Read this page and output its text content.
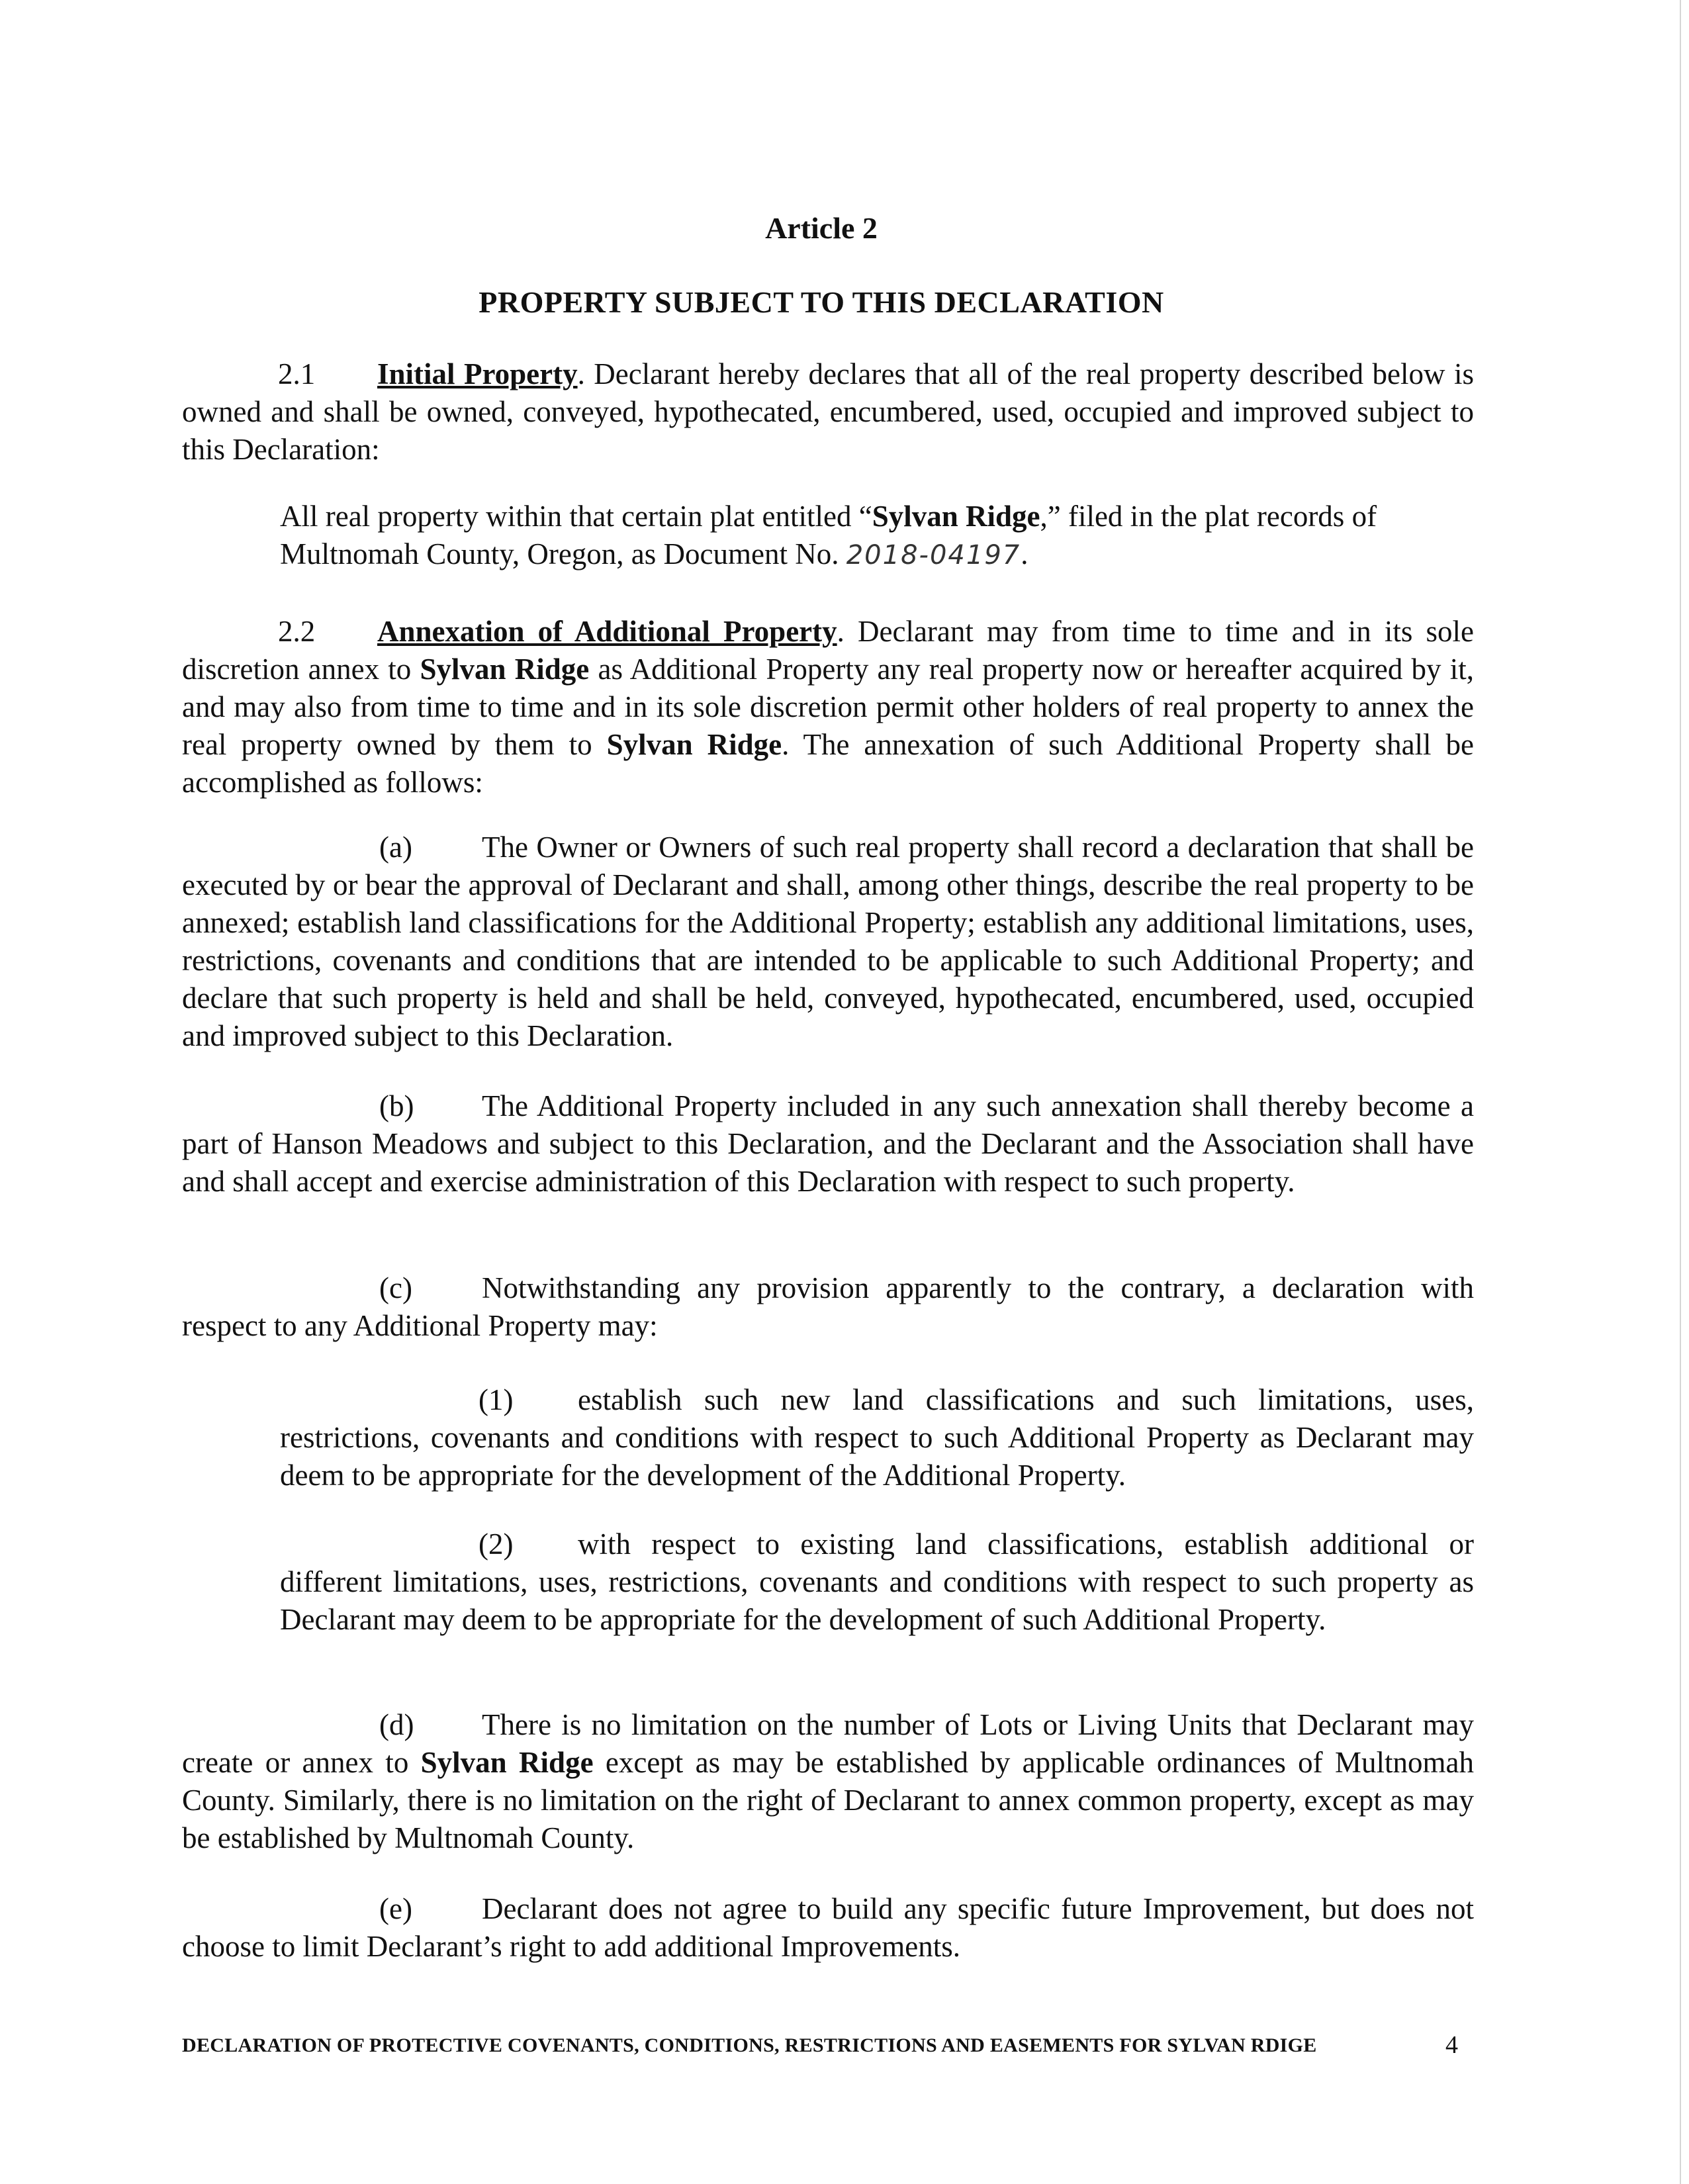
Article 2
PROPERTY SUBJECT TO THIS DECLARATION
2.1 Initial Property. Declarant hereby declares that all of the real property described below is owned and shall be owned, conveyed, hypothecated, encumbered, used, occupied and improved subject to this Declaration:
All real property within that certain plat entitled “Sylvan Ridge,” filed in the plat records of Multnomah County, Oregon, as Document No. 2018-04197.
2.2 Annexation of Additional Property. Declarant may from time to time and in its sole discretion annex to Sylvan Ridge as Additional Property any real property now or hereafter acquired by it, and may also from time to time and in its sole discretion permit other holders of real property to annex the real property owned by them to Sylvan Ridge. The annexation of such Additional Property shall be accomplished as follows:
(a) The Owner or Owners of such real property shall record a declaration that shall be executed by or bear the approval of Declarant and shall, among other things, describe the real property to be annexed; establish land classifications for the Additional Property; establish any additional limitations, uses, restrictions, covenants and conditions that are intended to be applicable to such Additional Property; and declare that such property is held and shall be held, conveyed, hypothecated, encumbered, used, occupied and improved subject to this Declaration.
(b) The Additional Property included in any such annexation shall thereby become a part of Hanson Meadows and subject to this Declaration, and the Declarant and the Association shall have and shall accept and exercise administration of this Declaration with respect to such property.
(c) Notwithstanding any provision apparently to the contrary, a declaration with respect to any Additional Property may:
(1) establish such new land classifications and such limitations, uses, restrictions, covenants and conditions with respect to such Additional Property as Declarant may deem to be appropriate for the development of the Additional Property.
(2) with respect to existing land classifications, establish additional or different limitations, uses, restrictions, covenants and conditions with respect to such property as Declarant may deem to be appropriate for the development of such Additional Property.
(d) There is no limitation on the number of Lots or Living Units that Declarant may create or annex to Sylvan Ridge except as may be established by applicable ordinances of Multnomah County. Similarly, there is no limitation on the right of Declarant to annex common property, except as may be established by Multnomah County.
(e) Declarant does not agree to build any specific future Improvement, but does not choose to limit Declarant’s right to add additional Improvements.
DECLARATION OF PROTECTIVE COVENANTS, CONDITIONS, RESTRICTIONS AND EASEMENTS FOR SYLVAN RDIGE	4
